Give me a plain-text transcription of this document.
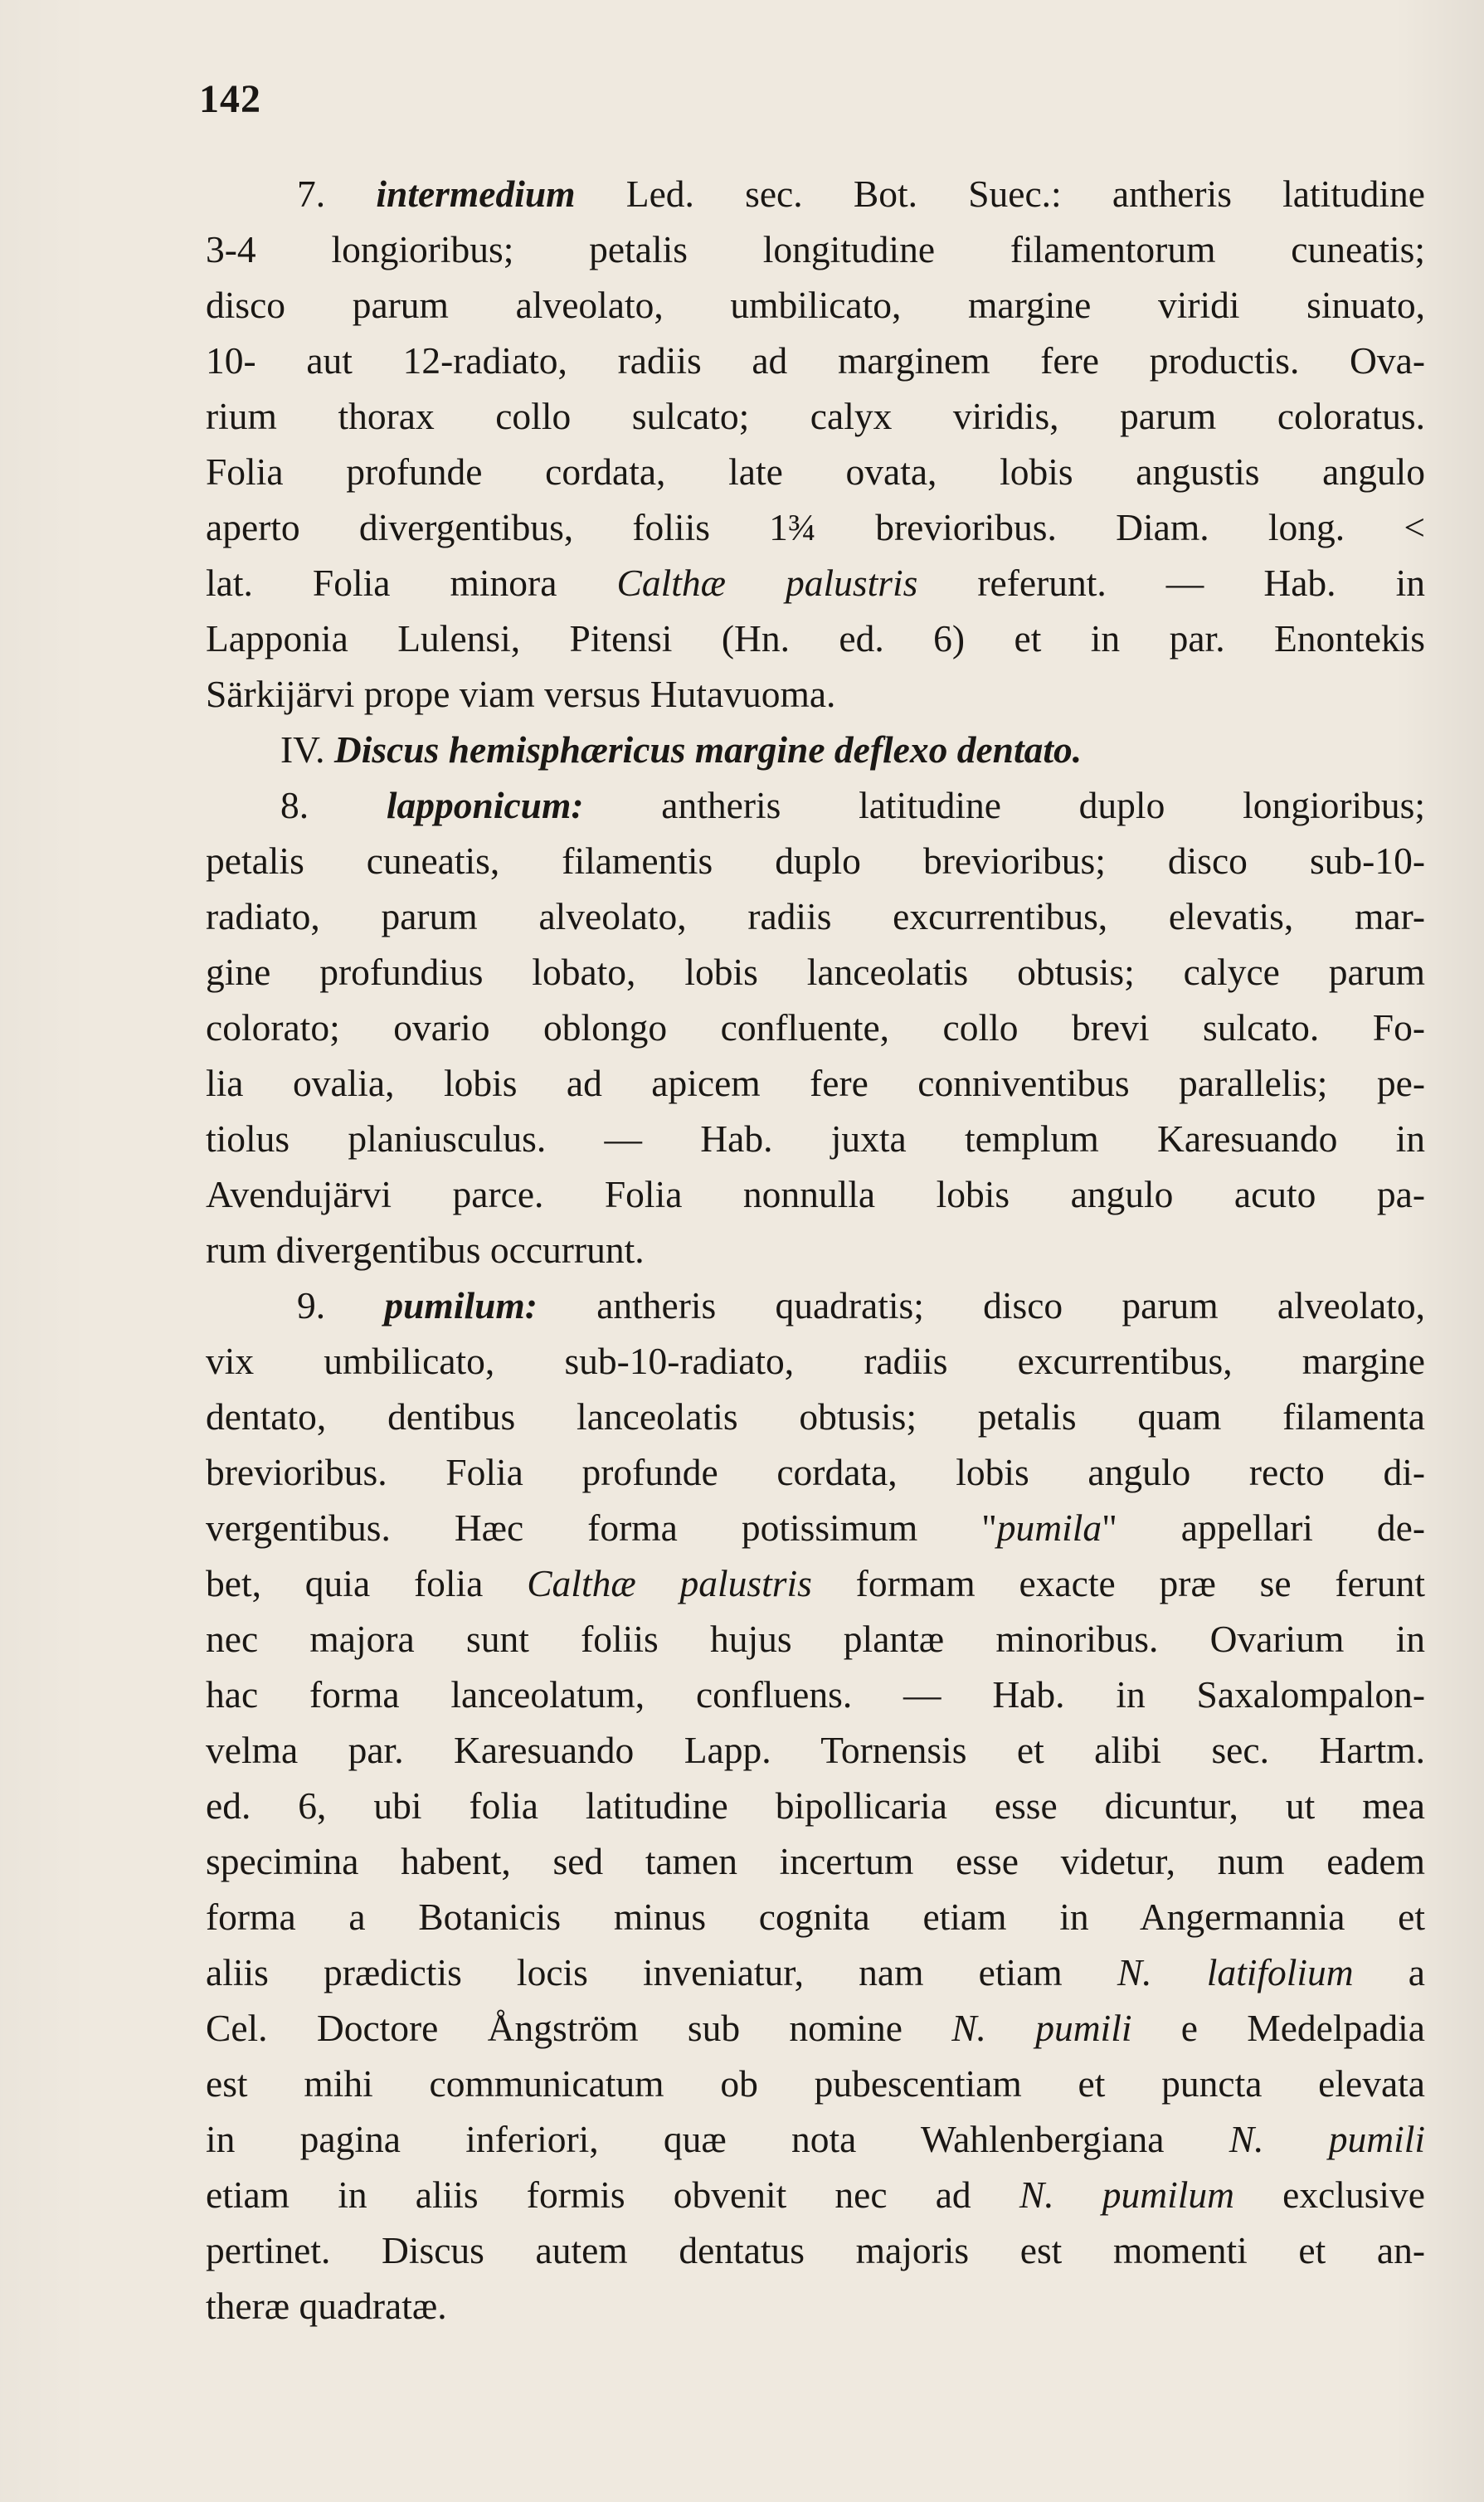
142
7. intermedium Led. sec. Bot. Suec.: antheris latitudine
3-4 longioribus; petalis longitudine filamentorum cuneatis;
disco parum alveolato, umbilicato, margine viridi sinuato,
10- aut 12-radiato, radiis ad marginem fere productis. Ova-
rium thorax collo sulcato; calyx viridis, parum coloratus.
Folia profunde cordata, late ovata, lobis angustis angulo
aperto divergentibus, foliis 1¾ brevioribus. Diam. long. <
lat. Folia minora Calthæ palustris referunt. — Hab. in
Lapponia Lulensi, Pitensi (Hn. ed. 6) et in par. Enontekis
Särkijärvi prope viam versus Hutavuoma.
IV. Discus hemisphæricus margine deflexo dentato.
8. lapponicum: antheris latitudine duplo longioribus;
petalis cuneatis, filamentis duplo brevioribus; disco sub-10-
radiato, parum alveolato, radiis excurrentibus, elevatis, mar-
gine profundius lobato, lobis lanceolatis obtusis; calyce parum
colorato; ovario oblongo confluente, collo brevi sulcato. Fo-
lia ovalia, lobis ad apicem fere conniventibus parallelis; pe-
tiolus planiusculus. — Hab. juxta templum Karesuando in
Avendujärvi parce. Folia nonnulla lobis angulo acuto pa-
rum divergentibus occurrunt.
9. pumilum: antheris quadratis; disco parum alveolato,
vix umbilicato, sub-10-radiato, radiis excurrentibus, margine
dentato, dentibus lanceolatis obtusis; petalis quam filamenta
brevioribus. Folia profunde cordata, lobis angulo recto di-
vergentibus. Hæc forma potissimum "pumila" appellari de-
bet, quia folia Calthæ palustris formam exacte præ se ferunt
nec majora sunt foliis hujus plantæ minoribus. Ovarium in
hac forma lanceolatum, confluens. — Hab. in Saxalompalon-
velma par. Karesuando Lapp. Tornensis et alibi sec. Hartm.
ed. 6, ubi folia latitudine bipollicaria esse dicuntur, ut mea
specimina habent, sed tamen incertum esse videtur, num eadem
forma a Botanicis minus cognita etiam in Angermannia et
aliis prædictis locis inveniatur, nam etiam N. latifolium a
Cel. Doctore Ångström sub nomine N. pumili e Medelpadia
est mihi communicatum ob pubescentiam et puncta elevata
in pagina inferiori, quæ nota Wahlenbergiana N. pumili
etiam in aliis formis obvenit nec ad N. pumilum exclusive
pertinet. Discus autem dentatus majoris est momenti et an-
theræ quadratæ.
